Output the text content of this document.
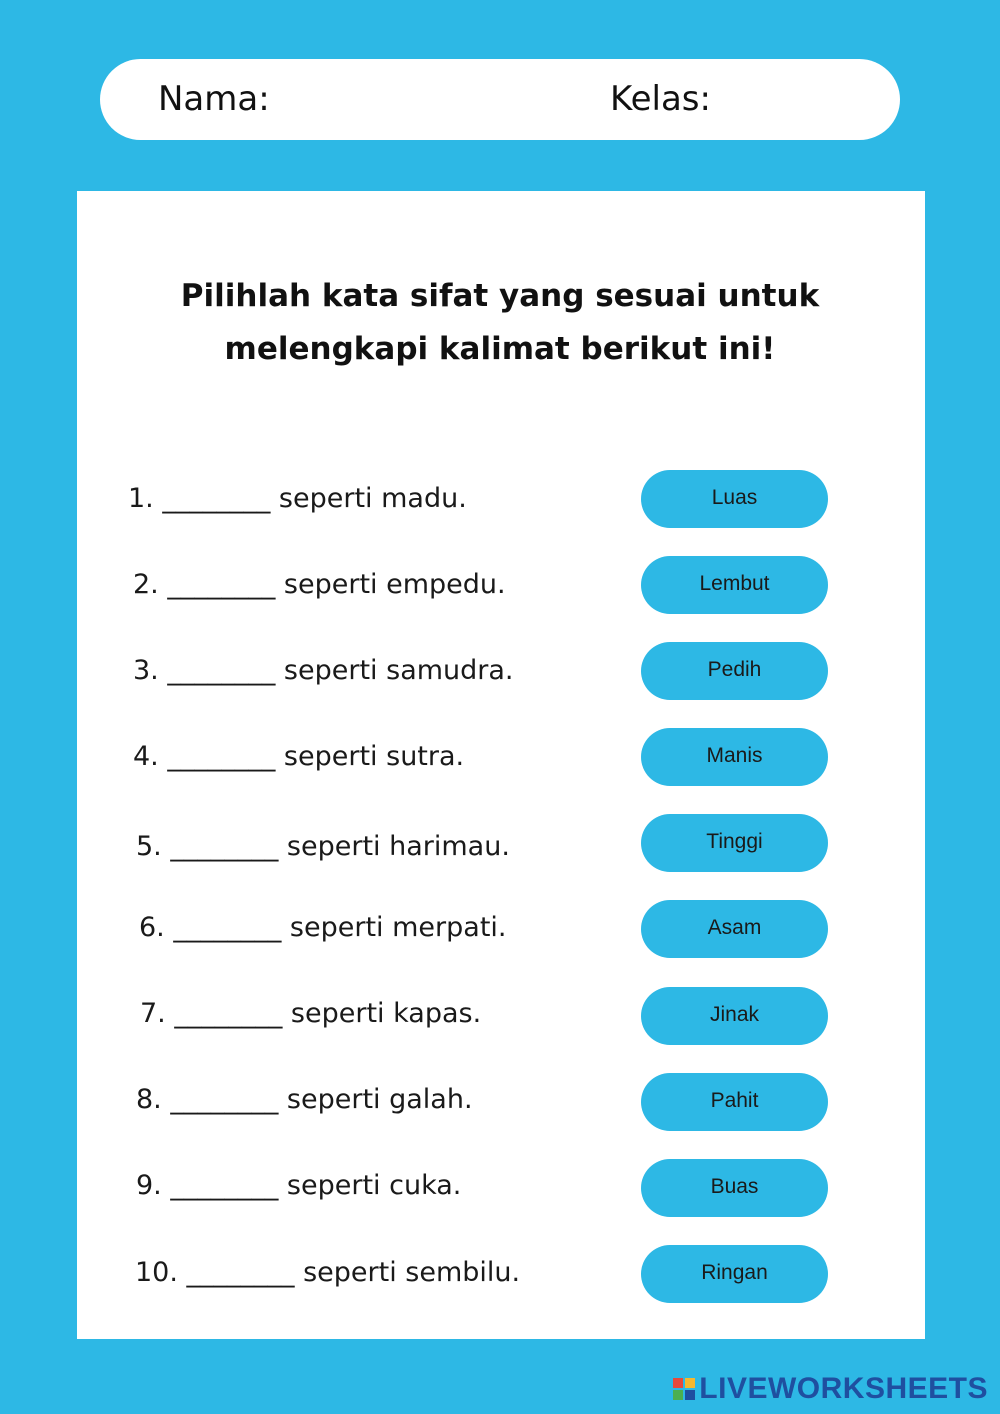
Nama:	Kelas:
Pilihlah kata sifat yang sesuai untuk
melengkapi kalimat berikut ini!
1. ________ seperti madu.
2. ________ seperti empedu.
3. ________ seperti samudra.
4. ________ seperti sutra.
5. ________ seperti harimau.
6. ________ seperti merpati.
7. ________ seperti kapas.
8. ________ seperti galah.
9. ________ seperti cuka.
10. ________ seperti sembilu.
Luas
Lembut
Pedih
Manis
Tinggi
Asam
Jinak
Pahit
Buas
Ringan
LIVEWORKSHEETS
